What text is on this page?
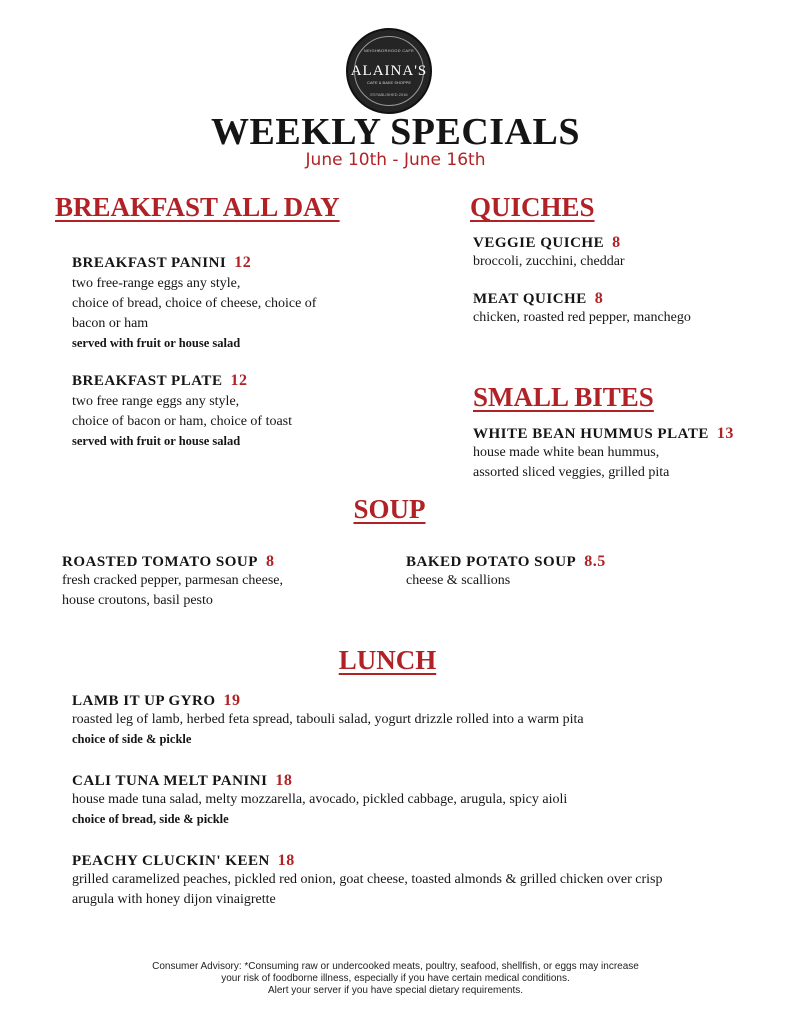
NEIGHBORHOOD CAFE
ALAINA'S
CAFE & BAKE SHOPPE
ESTABLISHED 2016
WEEKLY SPECIALS
June 10th - June 16th
BREAKFAST ALL DAY
BREAKFAST PANINI 12
two free-range eggs any style,
choice of bread, choice of cheese, choice of
bacon or ham
served with fruit or house salad
BREAKFAST PLATE 12
two free range eggs any style,
choice of bacon or ham, choice of toast
served with fruit or house salad
QUICHES
VEGGIE QUICHE 8
broccoli, zucchini, cheddar
MEAT QUICHE 8
chicken, roasted red pepper, manchego
SMALL BITES
WHITE BEAN HUMMUS PLATE 13
house made white bean hummus,
assorted sliced veggies, grilled pita
SOUP
ROASTED TOMATO SOUP 8
fresh cracked pepper, parmesan cheese,
house croutons, basil pesto
BAKED POTATO SOUP 8.5
cheese & scallions
LUNCH
LAMB IT UP GYRO 19
roasted leg of lamb, herbed feta spread, tabouli salad, yogurt drizzle rolled into a warm pita
choice of side & pickle
CALI TUNA MELT PANINI 18
house made tuna salad, melty mozzarella, avocado, pickled cabbage, arugula, spicy aioli
choice of bread, side & pickle
PEACHY CLUCKIN' KEEN 18
grilled caramelized peaches, pickled red onion, goat cheese, toasted almonds & grilled chicken over crisp
arugula with honey dijon vinaigrette
Consumer Advisory: *Consuming raw or undercooked meats, poultry, seafood, shellfish, or eggs may increase
your risk of foodborne illness, especially if you have certain medical conditions.
Alert your server if you have special dietary requirements.
